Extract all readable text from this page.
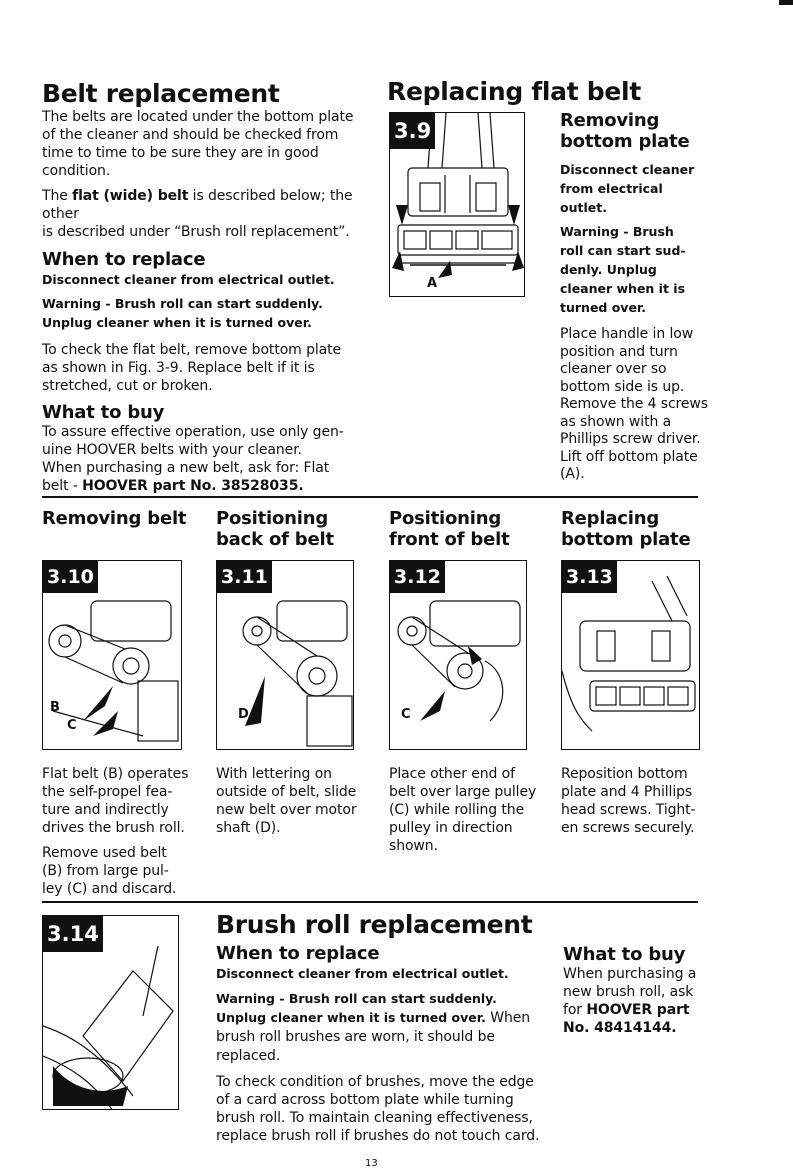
Belt replacement
The belts are located under the bottom plate
of the cleaner and should be checked from
time to time to be sure they are in good
condition.
The flat (wide) belt is described below; the other
is described under “Brush roll replacement”.
When to replace
Disconnect cleaner from electrical outlet.
Warning - Brush roll can start suddenly.
Unplug cleaner when it is turned over.
To check the flat belt, remove bottom plate
as shown in Fig. 3-9. Replace belt if it is
stretched, cut or broken.
What to buy
To assure effective operation, use only gen-
uine HOOVER belts with your cleaner.
When purchasing a new belt, ask for: Flat
belt - HOOVER part No. 38528035.
Replacing flat belt
3.9
A
Removing
bottom plate
Disconnect cleaner
from electrical
outlet.
Warning - Brush
roll can start sud-
denly. Unplug
cleaner when it is
turned over.
Place handle in low
position and turn
cleaner over so
bottom side is up.
Remove the 4 screws
as shown with a
Phillips screw driver.
Lift off bottom plate
(A).
Removing belt
3.10
B
C
Flat belt (B) operates
the self-propel fea-
ture and indirectly
drives the brush roll.
Remove used belt
(B) from large pul-
ley (C) and discard.
Positioning
back of belt
3.11
D
With lettering on
outside of belt, slide
new belt over motor
shaft (D).
Positioning
front of belt
3.12
C
Place other end of
belt over large pulley
(C) while rolling the
pulley in direction
shown.
Replacing
bottom plate
3.13
Reposition bottom
plate and 4 Phillips
head screws. Tight-
en screws securely.
3.14	Brush roll replacement
When to replace
Disconnect cleaner from electrical outlet.
Warning - Brush roll can start suddenly.
Unplug cleaner when it is turned over. When
brush roll brushes are worn, it should be
replaced.
To check condition of brushes, move the edge
of a card across bottom plate while turning
brush roll. To maintain cleaning effectiveness,
replace brush roll if brushes do not touch card.
What to buy
When purchasing a
new brush roll, ask
for HOOVER part
No. 48414144.
13
